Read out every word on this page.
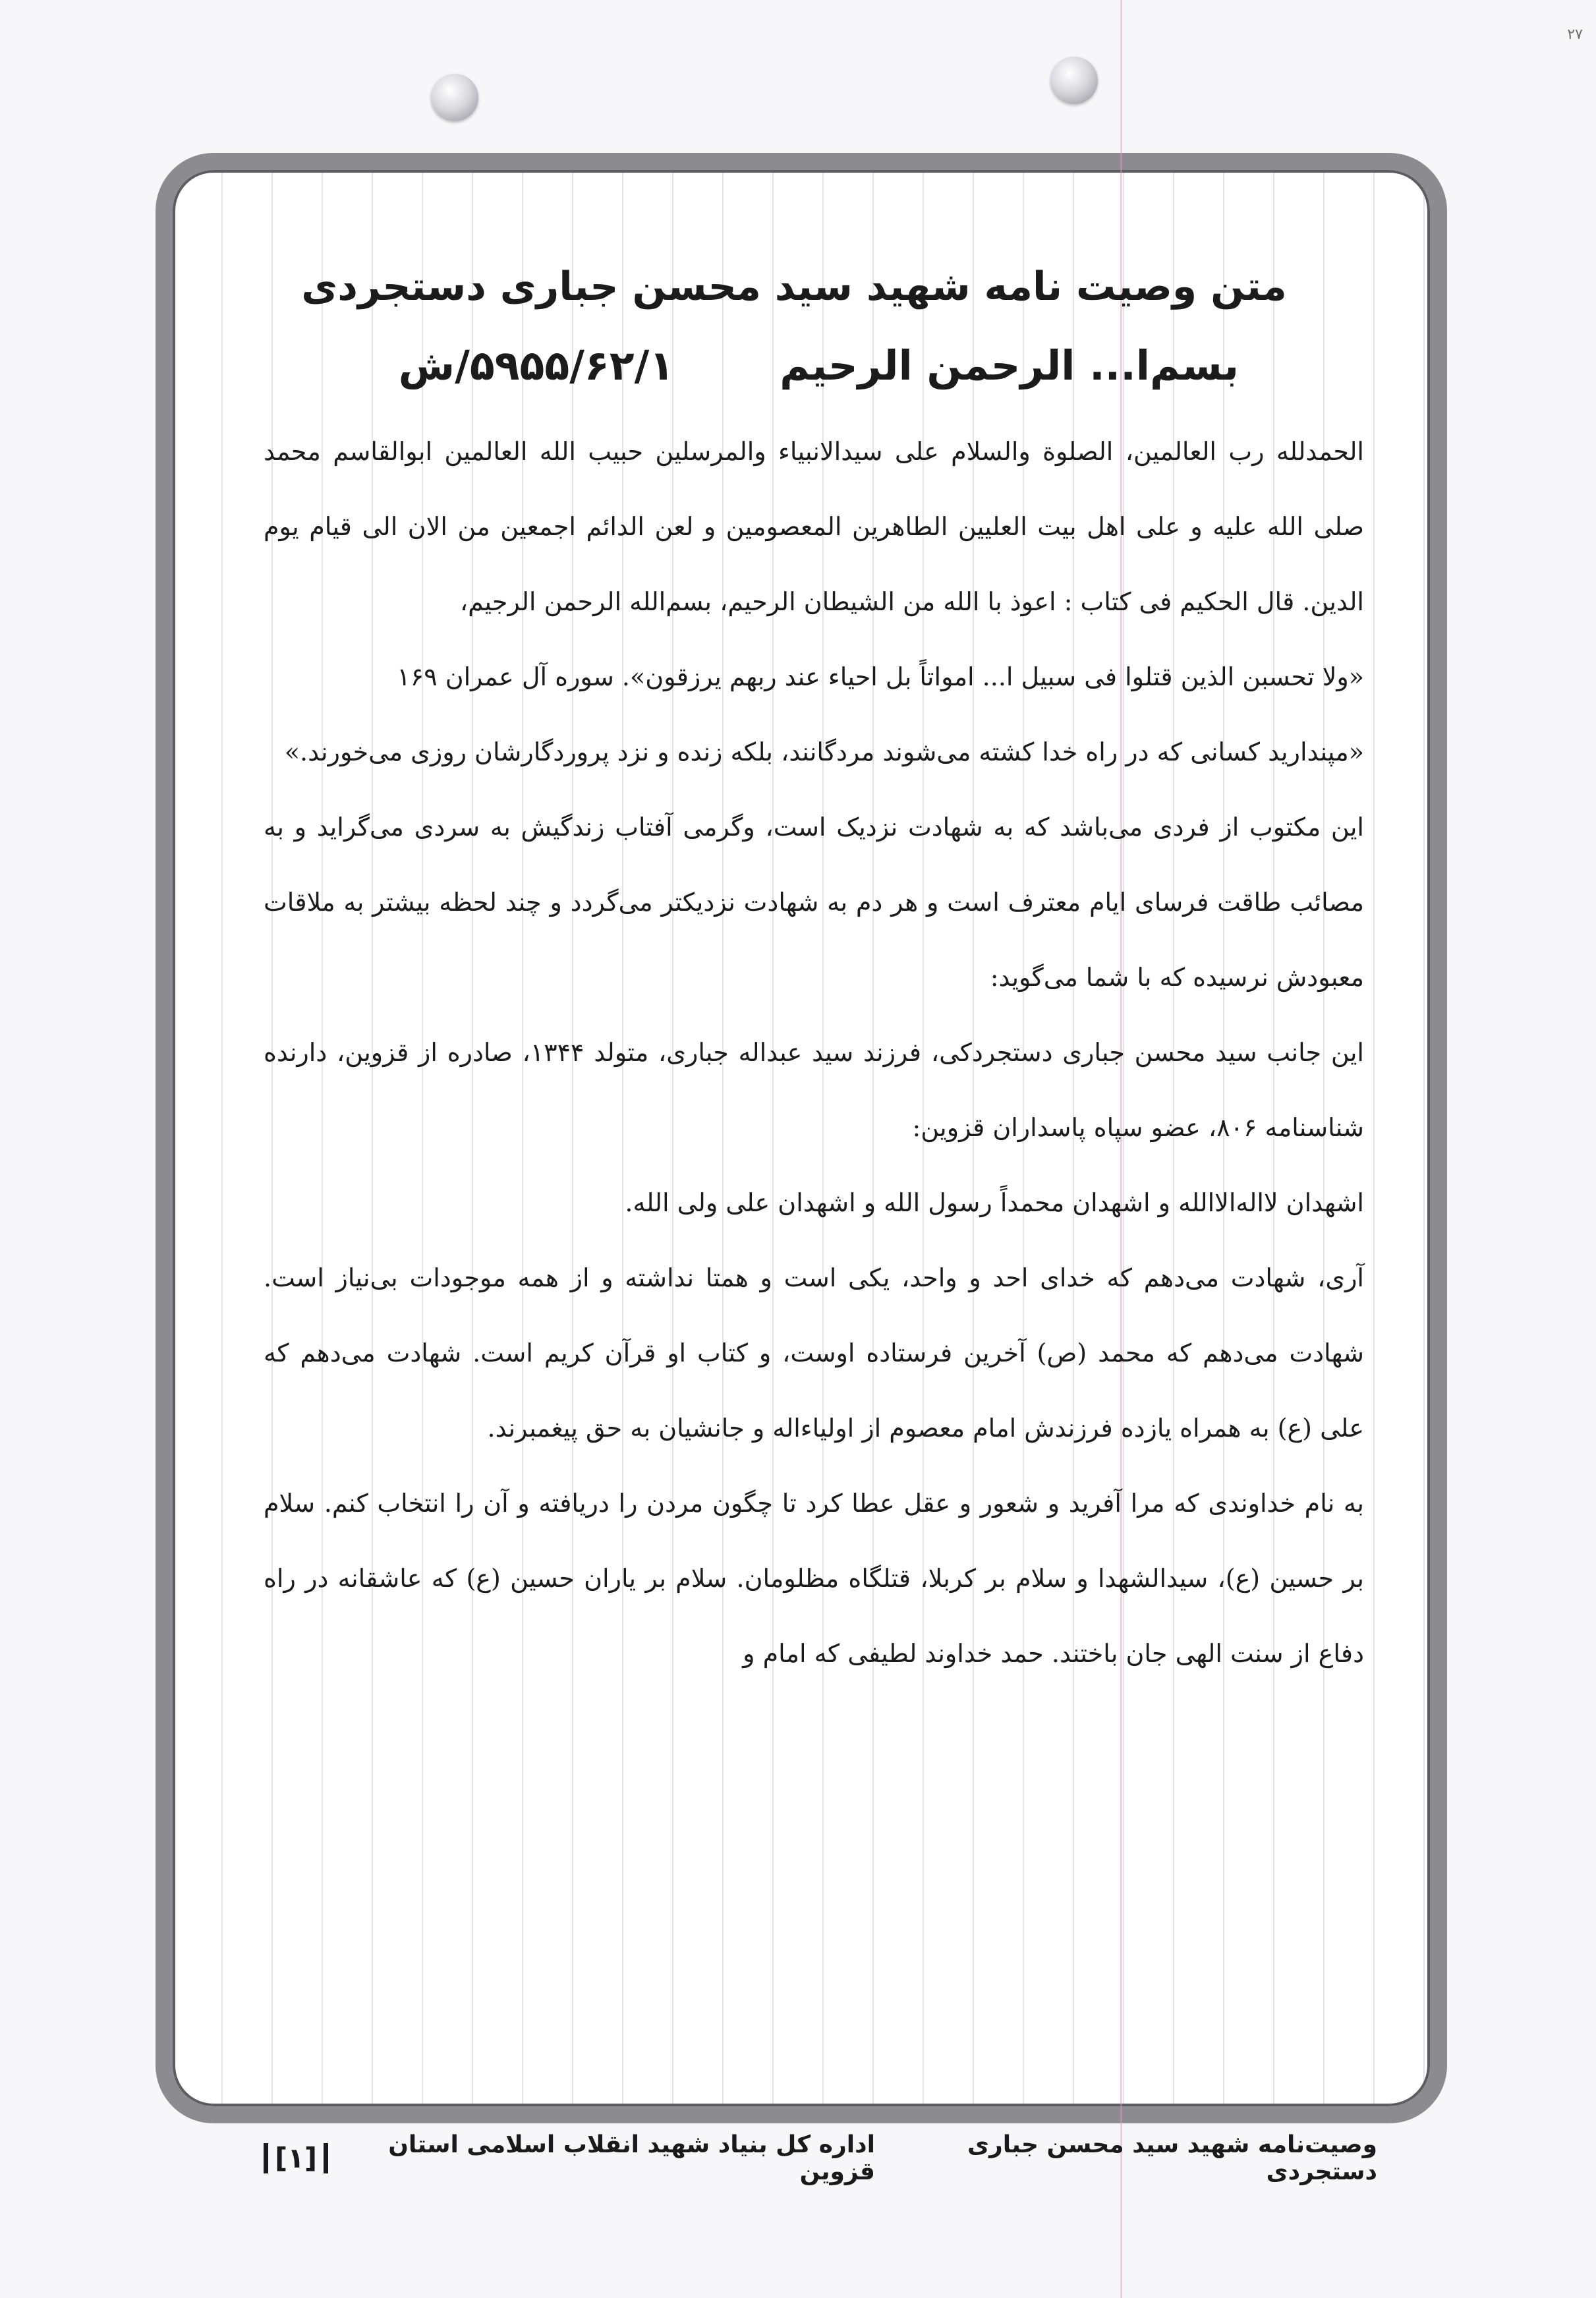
۲۷
متن وصیت نامه شهید سید محسن جباری دستجردی
بسم‌ا... الرحمن الرحیم
۵۹۵۵/۶۲/۱/ش

الحمدلله رب العالمین، الصلوة والسلام علی سیدالانبیاء والمرسلین حبیب الله العالمین ابوالقاسم محمد صلی الله علیه و علی اهل بیت العلیین الطاهرین المعصومین و لعن الدائم اجمعین من الان الی قیام یوم الدین. قال الحکیم فی کتاب : اعوذ با الله من الشیطان الرحیم، بسم‌الله الرحمن الرجیم،

«ولا تحسبن الذین قتلوا فی سبیل ا... امواتاً بل احیاء عند ربهم یرزقون». سوره آل عمران ۱۶۹

«مپندارید کسانی که در راه خدا کشته می‌شوند مردگانند، بلکه زنده و نزد پروردگارشان روزی می‌خورند.»

این مکتوب از فردی می‌باشد که به شهادت نزدیک است، وگرمی آفتاب زندگیش به سردی می‌گراید و به مصائب طاقت فرسای ایام معترف است و هر دم به شهادت نزدیکتر می‌گردد و چند لحظه بیشتر به ملاقات معبودش نرسیده که با شما می‌گوید:

این جانب سید محسن جباری دستجردکی، فرزند سید عبداله جباری، متولد ۱۳۴۴، صادره از قزوین، دارنده شناسنامه ۸۰۶، عضو سپاه پاسداران قزوین:

اشهدان لااله‌الاالله و اشهدان محمداً رسول الله و اشهدان علی ولی الله.

آری، شهادت می‌دهم که خدای احد و واحد، یکی است و همتا نداشته و از همه موجودات بی‌نیاز است. شهادت می‌دهم که محمد (ص) آخرین فرستاده اوست، و کتاب او قرآن کریم است. شهادت می‌دهم که علی (ع) به همراه یازده فرزندش امام معصوم از اولیاءاله و جانشیان به حق پیغمبرند.

به نام خداوندی که مرا آفرید و شعور و عقل عطا کرد تا چگون مردن را دریافته و آن را انتخاب کنم. سلام بر حسین (ع)، سیدالشهدا و سلام بر کربلا، قتلگاه مظلومان. سلام بر یاران حسین (ع) که عاشقانه در راه دفاع از سنت الهی جان باختند. حمد خداوند لطیفی که امام و

وصیت‌نامه شهید سید محسن جباری دستجردی
اداره کل بنیاد شهید انقلاب اسلامی استان قزوین
[۱]
